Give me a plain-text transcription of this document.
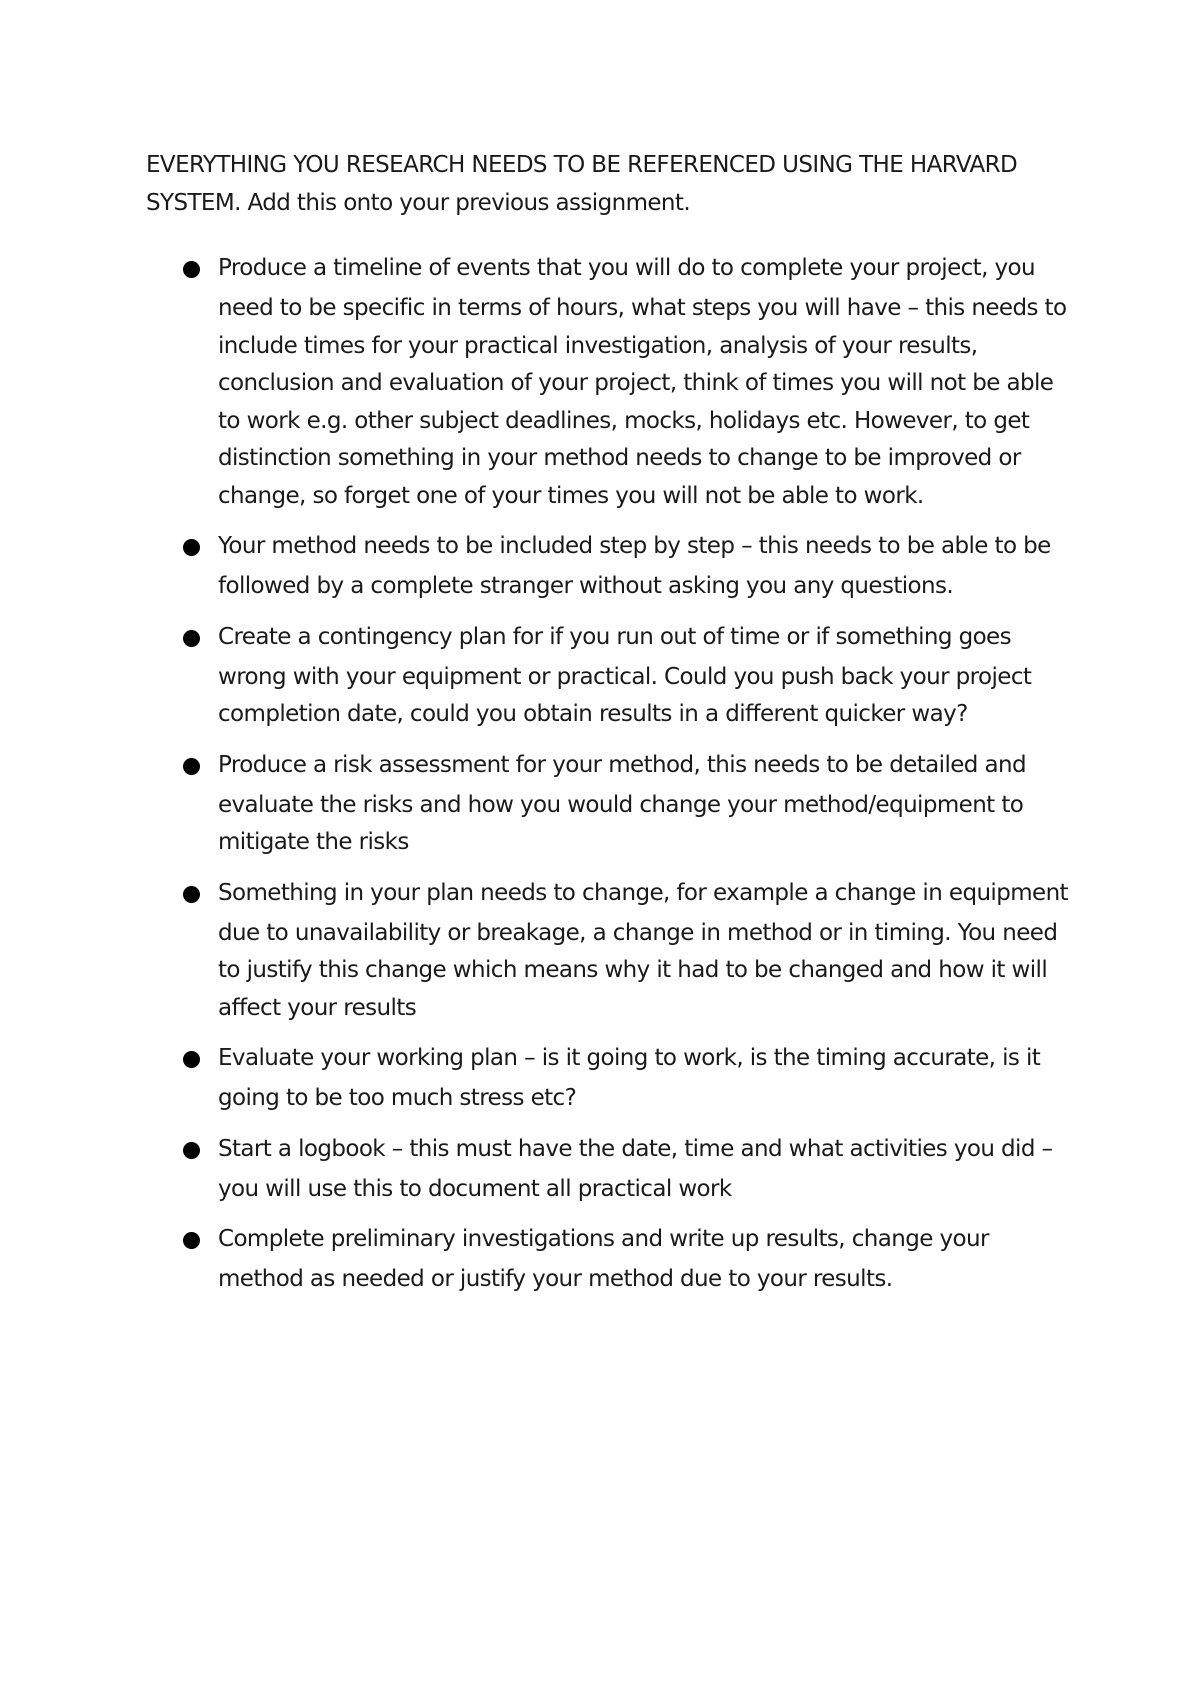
EVERYTHING YOU RESEARCH NEEDS TO BE REFERENCED USING THE HARVARD SYSTEM. Add this onto your previous assignment.

Produce a timeline of events that you will do to complete your project, you need to be specific in terms of hours, what steps you will have – this needs to include times for your practical investigation, analysis of your results, conclusion and evaluation of your project, think of times you will not be able to work e.g. other subject deadlines, mocks, holidays etc. However, to get distinction something in your method needs to change to be improved or change, so forget one of your times you will not be able to work.
Your method needs to be included step by step – this needs to be able to be followed by a complete stranger without asking you any questions.
Create a contingency plan for if you run out of time or if something goes wrong with your equipment or practical. Could you push back your project completion date, could you obtain results in a different quicker way?
Produce a risk assessment for your method, this needs to be detailed and evaluate the risks and how you would change your method/equipment to mitigate the risks
Something in your plan needs to change, for example a change in equipment due to unavailability or breakage, a change in method or in timing. You need to justify this change which means why it had to be changed and how it will affect your results
Evaluate your working plan – is it going to work, is the timing accurate, is it going to be too much stress etc?
Start a logbook – this must have the date, time and what activities you did – you will use this to document all practical work
Complete preliminary investigations and write up results, change your method as needed or justify your method due to your results.
